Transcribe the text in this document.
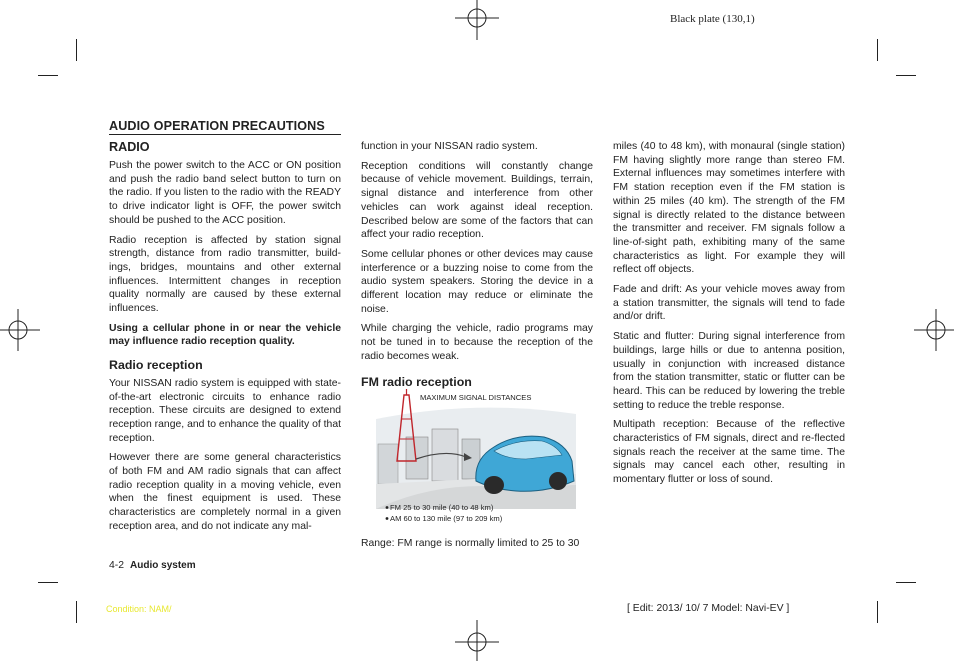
Black plate (130,1)
AUDIO OPERATION PRECAUTIONS
RADIO

Push the power switch to the ACC or ON position and push the radio band select button to turn on the radio. If you listen to the radio with the READY to drive indicator light is OFF, the power switch should be pushed to the ACC position.

Radio reception is affected by station signal strength, distance from radio transmitter, build-ings, bridges, mountains and other external influences. Intermittent changes in reception quality normally are caused by these external influences.

Using a cellular phone in or near the vehicle may influence radio reception quality.

Radio reception

Your NISSAN radio system is equipped with state-of-the-art electronic circuits to enhance radio reception. These circuits are designed to extend reception range, and to enhance the quality of that reception.

However there are some general characteristics of both FM and AM radio signals that can affect radio reception quality in a moving vehicle, even when the finest equipment is used. These characteristics are completely normal in a given reception area, and do not indicate any mal-

function in your NISSAN radio system.

Reception conditions will constantly change because of vehicle movement. Buildings, terrain, signal distance and interference from other vehicles can work against ideal reception. Described below are some of the factors that can affect your radio reception.

Some cellular phones or other devices may cause interference or a buzzing noise to come from the audio system speakers. Storing the device in a different location may reduce or eliminate the noise.

While charging the vehicle, radio programs may not be tuned in to because the reception of the radio becomes weak.

FM radio reception
MAXIMUM SIGNAL DISTANCES
FM 25 to 30 mile (40 to 48 km)
AM 60 to 130 mile (97 to 209 km)
Range: FM range is normally limited to 25 to 30

miles (40 to 48 km), with monaural (single station) FM having slightly more range than stereo FM. External influences may sometimes interfere with FM station reception even if the FM station is within 25 miles (40 km). The strength of the FM signal is directly related to the distance between the transmitter and receiver. FM signals follow a line-of-sight path, exhibiting many of the same characteristics as light. For example they will reflect off objects.

Fade and drift: As your vehicle moves away from a station transmitter, the signals will tend to fade and/or drift.

Static and flutter: During signal interference from buildings, large hills or due to antenna position, usually in conjunction with increased distance from the station transmitter, static or flutter can be heard. This can be reduced by lowering the treble setting to reduce the treble response.

Multipath reception: Because of the reflective characteristics of FM signals, direct and re-flected signals reach the receiver at the same time. The signals may cancel each other, resulting in momentary flutter or loss of sound.

4-2 Audio system
Condition: NAM/	[ Edit: 2013/ 10/ 7 Model: Navi-EV ]
